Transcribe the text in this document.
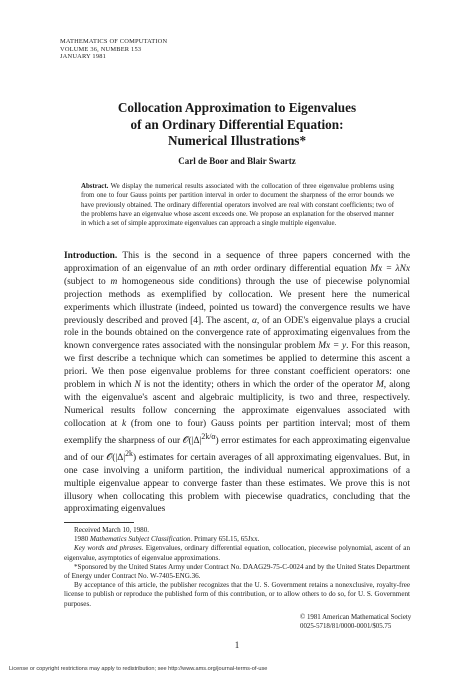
MATHEMATICS OF COMPUTATION
VOLUME 36, NUMBER 153
JANUARY 1981
Collocation Approximation to Eigenvalues
of an Ordinary Differential Equation:
Numerical Illustrations*
Carl de Boor and Blair Swartz
Abstract. We display the numerical results associated with the collocation of three eigenvalue problems using from one to four Gauss points per partition interval in order to document the sharpness of the error bounds we have previously obtained. The ordinary differential operators involved are real with constant coefficients; two of the problems have an eigenvalue whose ascent exceeds one. We propose an explanation for the observed manner in which a set of simple approximate eigenvalues can approach a single multiple eigenvalue.
Introduction. This is the second in a sequence of three papers concerned with the approximation of an eigenvalue of an mth order ordinary differential equation Mx = λNx (subject to m homogeneous side conditions) through the use of piecewise polynomial projection methods as exemplified by collocation. We present here the numerical experiments which illustrate (indeed, pointed us toward) the convergence results we have previously described and proved [4]. The ascent, α, of an ODE's eigenvalue plays a crucial role in the bounds obtained on the convergence rate of approximating eigenvalues from the known convergence rates associated with the nonsingular problem Mx = y. For this reason, we first describe a technique which can sometimes be applied to determine this ascent a priori. We then pose eigenvalue problems for three constant coefficient operators: one problem in which N is not the identity; others in which the order of the operator M, along with the eigenvalue's ascent and algebraic multiplicity, is two and three, respectively. Numerical results follow concerning the approximate eigenvalues associated with collocation at k (from one to four) Gauss points per partition interval; most of them exemplify the sharpness of our $𝒪(|\Delta|^{2k/\alpha})$ error estimates for each approximating eigenvalue and of our $𝒪(|\Delta|^{2k})$ estimates for certain averages of all approximating eigenvalues. But, in one case involving a uniform partition, the individual numerical approximations of a multiple eigenvalue appear to converge faster than these estimates. We prove this is not illusory when collocating this problem with piecewise quadratics, concluding that the approximating eigenvalues

Received March 10, 1980.

1980 Mathematics Subject Classification. Primary 65L15, 65Jxx.

Key words and phrases. Eigenvalues, ordinary differential equation, collocation, piecewise polynomial, ascent of an eigenvalue, asymptotics of eigenvalue approximations.

*Sponsored by the United States Army under Contract No. DAAG29-75-C-0024 and by the United States Department of Energy under Contract No. W-7405-ENG.36.

By acceptance of this article, the publisher recognizes that the U. S. Government retains a nonexclusive, royalty-free license to publish or reproduce the published form of this contribution, or to allow others to do so, for U. S. Government purposes.

© 1981 American Mathematical Society
0025-5718/81/0000-0001/$05.75
1
License or copyright restrictions may apply to redistribution; see http://www.ams.org/journal-terms-of-use
